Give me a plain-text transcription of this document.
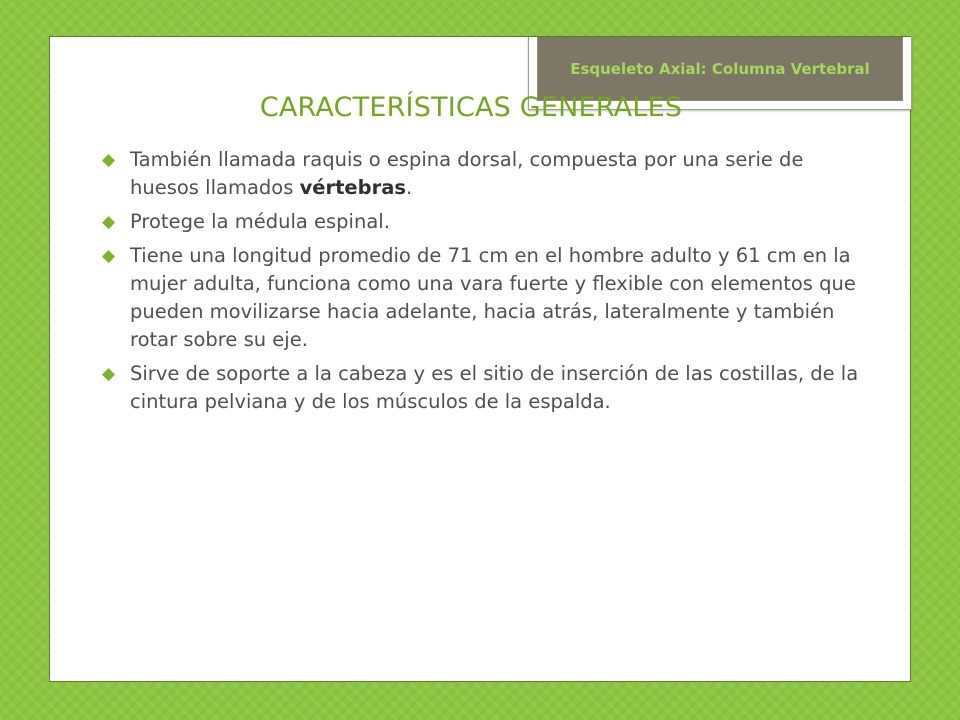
Esqueleto Axial: Columna Vertebral
CARACTERÍSTICAS GENERALES
◆ También llamada raquis o espina dorsal, compuesta por una serie de huesos llamados vértebras.
◆ Protege la médula espinal.
◆ Tiene una longitud promedio de 71 cm en el hombre adulto y 61 cm en la mujer adulta, funciona como una vara fuerte y flexible con elementos que pueden movilizarse hacia adelante, hacia atrás, lateralmente y también rotar sobre su eje.
◆ Sirve de soporte a la cabeza y es el sitio de inserción de las costillas, de la cintura pelviana y de los músculos de la espalda.
